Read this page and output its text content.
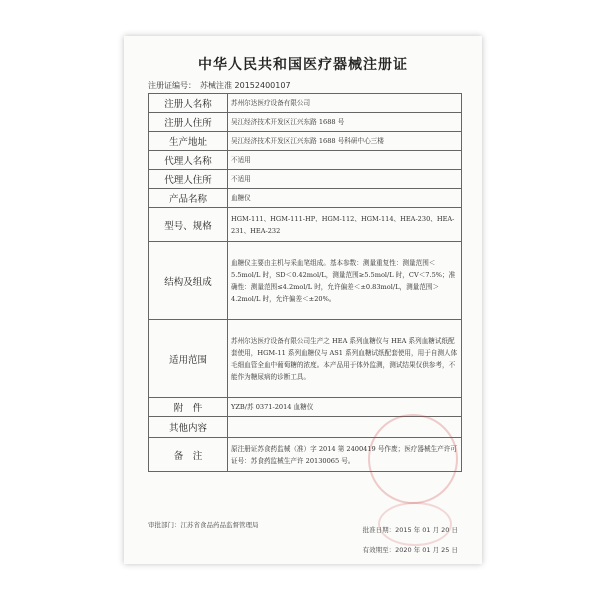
中华人民共和国医疗器械注册证
注册证编号： 苏械注准 20152400107
注册人名称	苏州尔达医疗设备有限公司
注册人住所	吴江经济技术开发区江兴东路 1688 号
生产地址	吴江经济技术开发区江兴东路 1688 号科研中心三楼
代理人名称	不适用
代理人住所	不适用
产品名称	血糖仪
型号、规格	HGM-111、HGM-111-HP、HGM-112、HGM-114、HEA-230、HEA-231、HEA-232
结构及组成	血糖仪主要由主机与采血笔组成。基本参数：测量重复性：测量范围＜5.5mol/L 时，SD＜0.42mol/L，测量范围≥5.5mol/L 时，CV＜7.5%；准确性：测量范围≤4.2mol/L 时，允许偏差＜±0.83mol/L，测量范围＞4.2mol/L 时，允许偏差＜±20%。
适用范围	苏州尔达医疗设备有限公司生产之 HEA 系列血糖仪与 HEA 系列血糖试纸配套使用，HGM-11 系列血糖仪与 AS1 系列血糖试纸配套使用，用于自测人体毛细血管全血中葡萄糖的浓度。本产品用于体外监测，测试结果仅供参考，不能作为糖尿病的诊断工具。
附　件	YZB/苏 0371-2014 血糖仪
其他内容	
备　注	原注册证苏食药监械（准）字 2014 第 2400419 号作废；医疗器械生产许可证号：苏食药监械生产许 20130065 号。
审批部门：江苏省食品药品监督管理局
批准日期：2015 年 01 月 20 日
有效期至：2020 年 01 月 25 日
